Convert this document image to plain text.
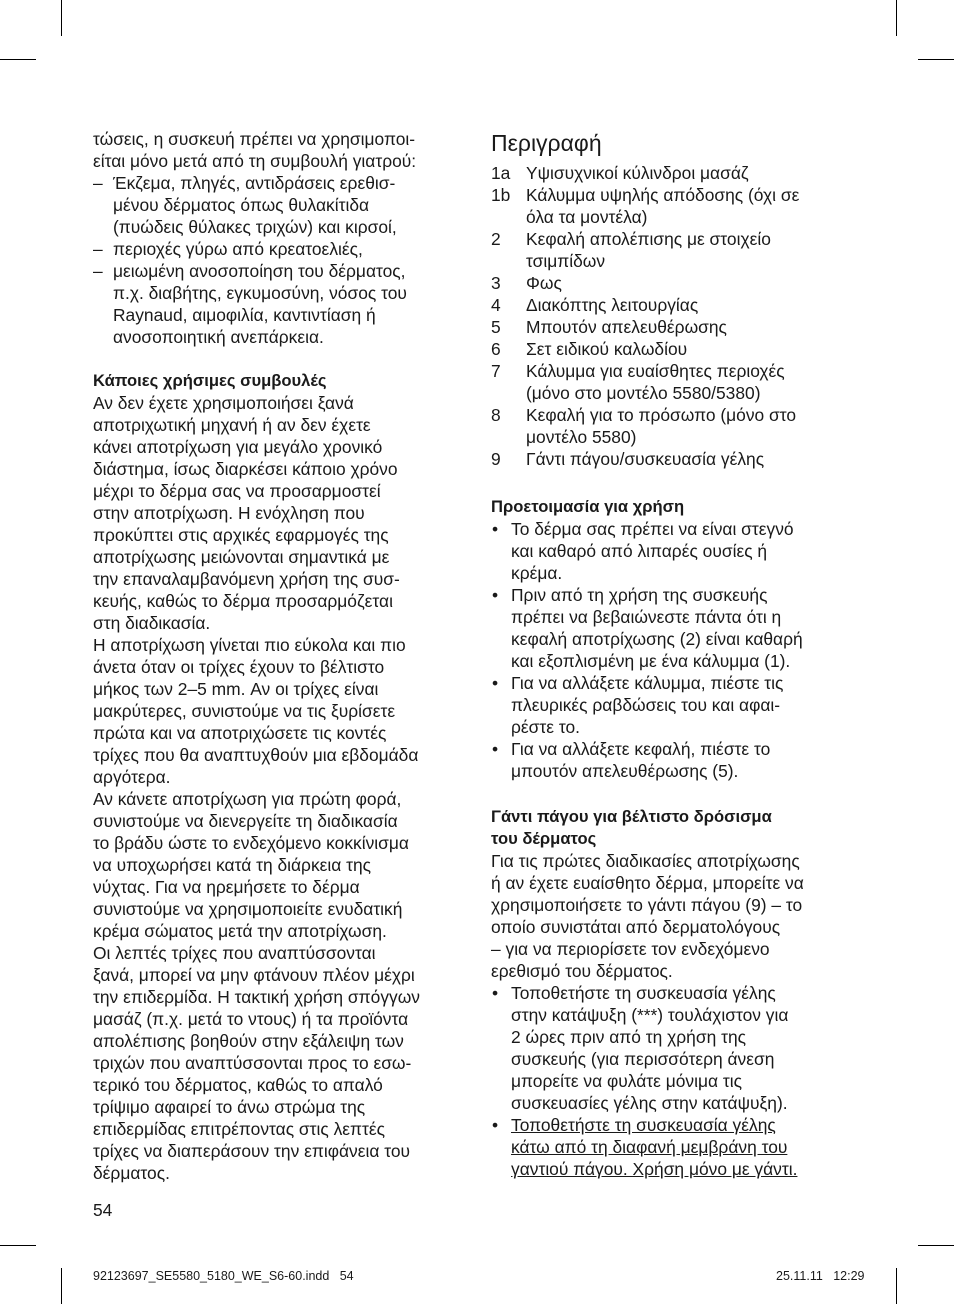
τώσεις, η συσκευή πρέπει να χρησιμοποι-
είται μόνο μετά από τη συμβουλή γιατρού:

– Έκζεμα, πληγές, αντιδράσεις ερεθισ-
μένου δέρματος όπως θυλακίτιδα
(πυώδεις θύλακες τριχών) και κιρσοί,
– περιοχές γύρω από κρεατοελιές,
– μειωμένη ανοσοποίηση του δέρματος,
π.χ. διαβήτης, εγκυμοσύνη, νόσος του
Raynaud, αιμοφιλία, καντιντίαση ή
ανοσοποιητική ανεπάρκεια.

Κάποιες χρήσιμες συμβουλές

Αν δεν έχετε χρησιμοποιήσει ξανά
αποτριχωτική μηχανή ή αν δεν έχετε
κάνει αποτρίχωση για μεγάλο χρονικό
διάστημα, ίσως διαρκέσει κάποιο χρόνο
μέχρι το δέρμα σας να προσαρμοστεί
στην αποτρίχωση. Η ενόχληση που
προκύπτει στις αρχικές εφαρμογές της
αποτρίχωσης μειώνονται σημαντικά με
την επαναλαμβανόμενη χρήση της συσ-
κευής, καθώς το δέρμα προσαρμόζεται
στη διαδικασία.

Η αποτρίχωση γίνεται πιο εύκολα και πιο
άνετα όταν οι τρίχες έχουν το βέλτιστο
μήκος των 2–5 mm. Αν οι τρίχες είναι
μακρύτερες, συνιστούμε να τις ξυρίσετε
πρώτα και να αποτριχώσετε τις κοντές
τρίχες που θα αναπτυχθούν μια εβδομάδα
αργότερα.

Αν κάνετε αποτρίχωση για πρώτη φορά,
συνιστούμε να διενεργείτε τη διαδικασία
το βράδυ ώστε το ενδεχόμενο κοκκίνισμα
να υποχωρήσει κατά τη διάρκεια της
νύχτας. Για να ηρεμήσετε το δέρμα
συνιστούμε να χρησιμοποιείτε ενυδατική
κρέμα σώματος μετά την αποτρίχωση.

Οι λεπτές τρίχες που αναπτύσσονται
ξανά, μπορεί να μην φτάνουν πλέον μέχρι
την επιδερμίδα. Η τακτική χρήση σπόγγων
μασάζ (π.χ. μετά το ντους) ή τα προϊόντα
απολέπισης βοηθούν στην εξάλειψη των
τριχών που αναπτύσσονται προς το εσω-
τερικό του δέρματος, καθώς το απαλό
τρίψιμο αφαιρεί το άνω στρώμα της
επιδερμίδας επιτρέποντας στις λεπτές
τρίχες να διαπεράσουν την επιφάνεια του
δέρματος.

Περιγραφή
1a Υψισυχνικοί κύλινδροι μασάζ
1b Κάλυμμα υψηλής απόδοσης (όχι σε
όλα τα μοντέλα)
2	Κεφαλή απολέπισης με στοιχείο
τσιμπίδων
3	Φως
4	Διακόπτης λειτουργίας
5	Μπουτόν απελευθέρωσης
6	Σετ ειδικού καλωδίου
7	Κάλυμμα για ευαίσθητες περιοχές
(μόνο στο μοντέλο 5580/5380)
8	Κεφαλή για το πρόσωπο (μόνο στο
μοντέλο 5580)
9	Γάντι πάγου/συσκευασία γέλης

Προετοιμασία για χρήση

• Το δέρμα σας πρέπει να είναι στεγνό
και καθαρό από λιπαρές ουσίες ή
κρέμα.
• Πριν από τη χρήση της συσκευής
πρέπει να βεβαιώνεστε πάντα ότι η
κεφαλή αποτρίχωσης (2) είναι καθαρή
και εξοπλισμένη με ένα κάλυμμα (1).
• Για να αλλάξετε κάλυμμα, πιέστε τις
πλευρικές ραβδώσεις του και αφαι-
ρέστε το.
• Για να αλλάξετε κεφαλή, πιέστε το
μπουτόν απελευθέρωσης (5).

Γάντι πάγου για βέλτιστο δρόσισμα
του δέρματος

Για τις πρώτες διαδικασίες αποτρίχωσης
ή αν έχετε ευαίσθητο δέρμα, μπορείτε να
χρησιμοποιήσετε το γάντι πάγου (9) – το
οποίο συνιστάται από δερματολόγους
– για να περιορίσετε τον ενδεχόμενο
ερεθισμό του δέρματος.

• Τοποθετήστε τη συσκευασία γέλης
στην κατάψυξη (***) τουλάχιστον για
2 ώρες πριν από τη χρήση της
συσκευής (για περισσότερη άνεση
μπορείτε να φυλάτε μόνιμα τις
συσκευασίες γέλης στην κατάψυξη).
• Τοποθετήστε τη συσκευασία γέλης
κάτω από τη διαφανή μεμβράνη του
γαντιού πάγου. Χρήση μόνο με γάντι.
54
92123697_SE5580_5180_WE_S6-60.indd   54	25.11.11   12:29
